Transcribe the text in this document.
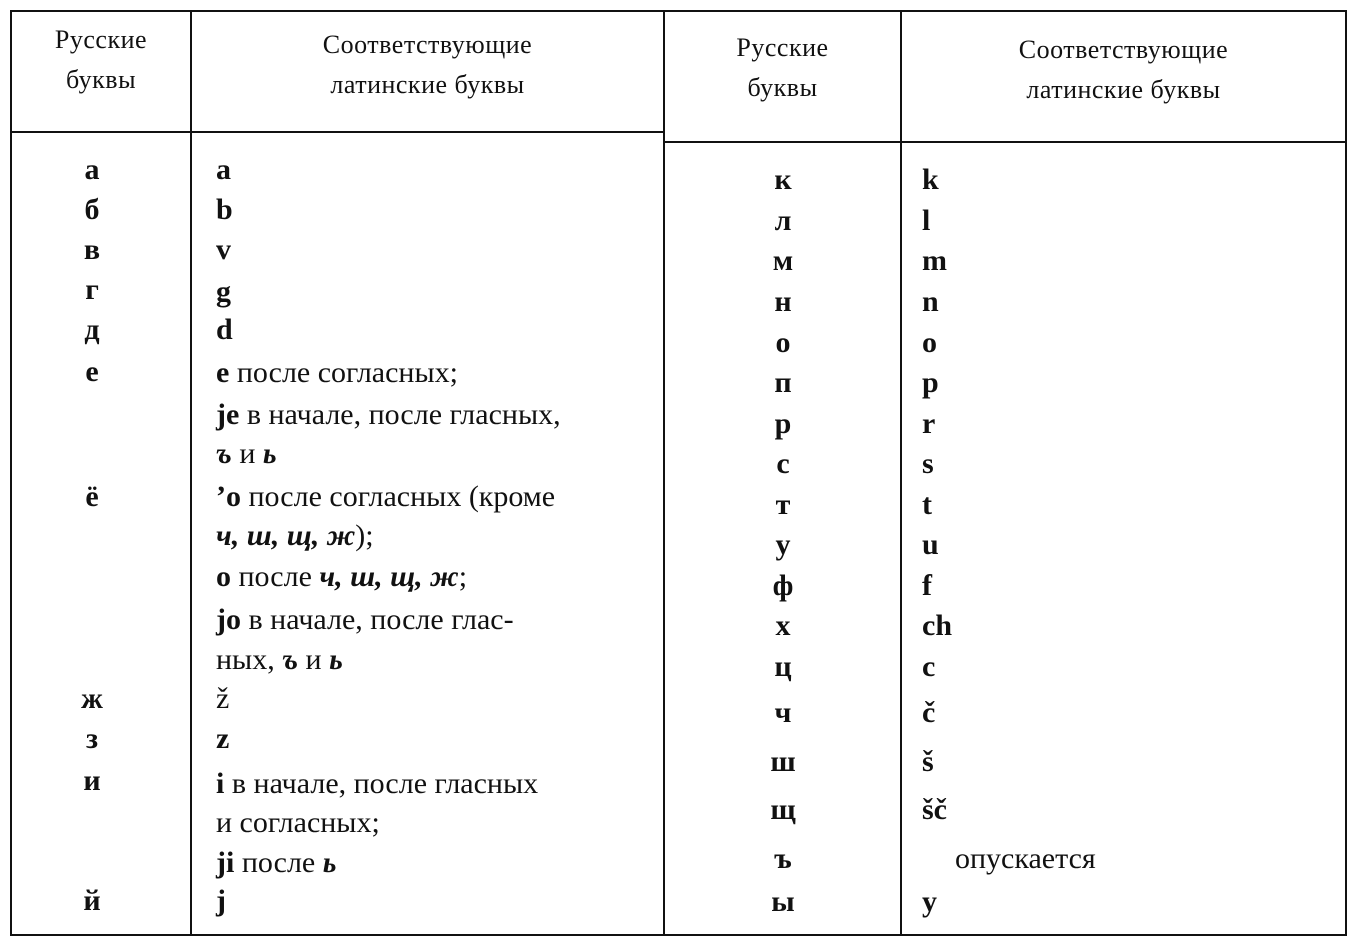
Русские
буквы
Соответствующие
латинские буквы
Русские
буквы
Соответствующие
латинские буквы
а
б
в
г
д
е
ё
ж
з
и
й
a
b
v
g
d
e после согласных;
je в начале, после гласных,
ъ и ь
’o после согласных (кроме
ч, ш, щ, ж);
o после ч, ш, щ, ж;
jo в начале, после глас-
ных, ъ и ь
ž
z
i в начале, после гласных
и согласных;
ji после ь
j
к
л
м
н
о
п
р
с
т
у
ф
х
ц
ч
ш
щ
ъ
ы
k
l
m
n
o
p
r
s
t
u
f
ch
c
č
š
šč
опускается
y
